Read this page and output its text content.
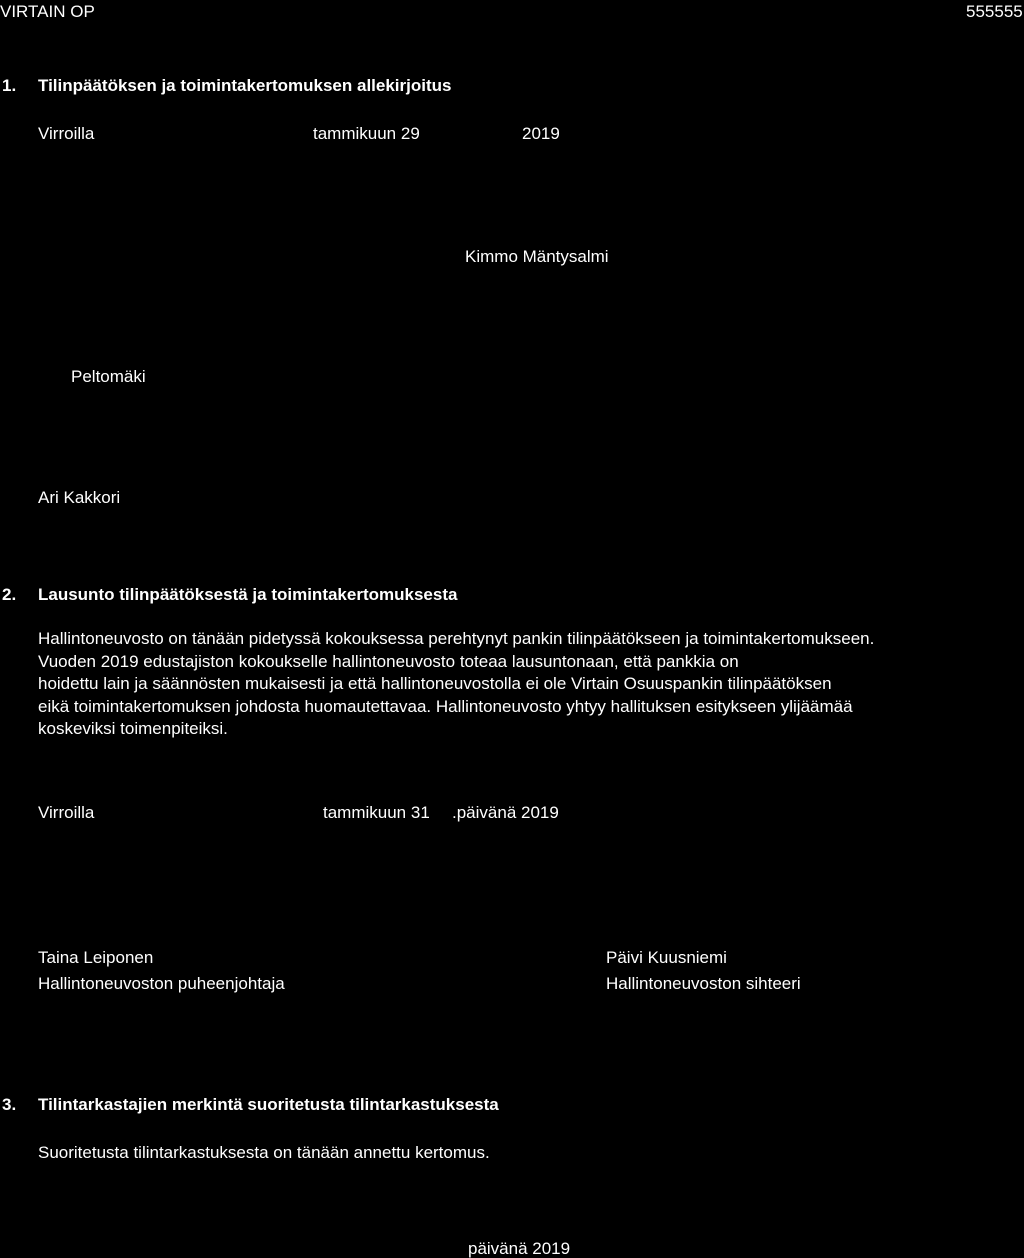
VIRTAIN OP	555555
1. Tilinpäätöksen ja toimintakertomuksen allekirjoitus
Virroilla	tammikuun 29	2019
Kimmo Mäntysalmi
Peltomäki
Ari Kakkori
2. Lausunto tilinpäätöksestä ja toimintakertomuksesta
Hallintoneuvosto on tänään pidetyssä kokouksessa perehtynyt pankin tilinpäätökseen ja toimintakertomukseen.
Vuoden 2019 edustajiston kokoukselle hallintoneuvosto toteaa lausuntonaan, että pankkia on
hoidettu lain ja säännösten mukaisesti ja että hallintoneuvostolla ei ole Virtain Osuuspankin tilinpäätöksen
eikä toimintakertomuksen johdosta huomautettavaa. Hallintoneuvosto yhtyy hallituksen esitykseen ylijäämää
koskeviksi toimenpiteiksi.
Virroilla	tammikuun 31 .päivänä 2019
Taina Leiponen
Hallintoneuvoston puheenjohtaja
Päivi Kuusniemi
Hallintoneuvoston sihteeri
3. Tilintarkastajien merkintä suoritetusta tilintarkastuksesta
Suoritetusta tilintarkastuksesta on tänään annettu kertomus.
päivänä 2019
